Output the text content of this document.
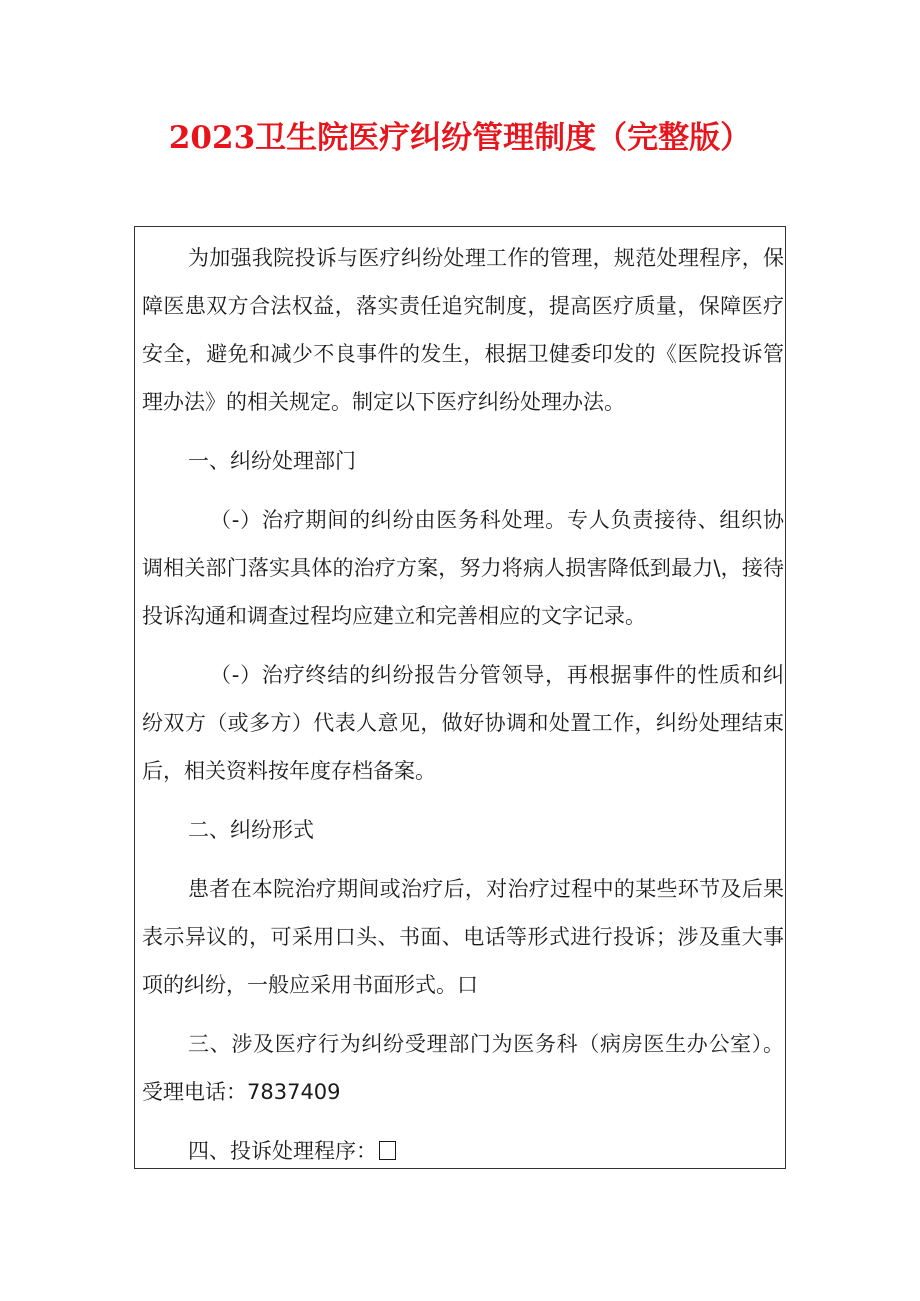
2023卫生院医疗纠纷管理制度（完整版）

为加强我院投诉与医疗纠纷处理工作的管理，规范处理程序，保障医患双方合法权益，落实责任追究制度，提高医疗质量，保障医疗安全，避免和减少不良事件的发生，根据卫健委印发的《医院投诉管理办法》的相关规定。制定以下医疗纠纷处理办法。

一、纠纷处理部门

（-）治疗期间的纠纷由医务科处理。专人负责接待、组织协调相关部门落实具体的治疗方案，努力将病人损害降低到最力\，接待投诉沟通和调查过程均应建立和完善相应的文字记录。

（-）治疗终结的纠纷报告分管领导，再根据事件的性质和纠纷双方（或多方）代表人意见，做好协调和处置工作，纠纷处理结束后，相关资料按年度存档备案。

二、纠纷形式

患者在本院治疗期间或治疗后，对治疗过程中的某些环节及后果表示异议的，可采用口头、书面、电话等形式进行投诉；涉及重大事项的纠纷，一般应采用书面形式。口

三、涉及医疗行为纠纷受理部门为医务科（病房医生办公室）。受理电话：7837409

四、投诉处理程序：
